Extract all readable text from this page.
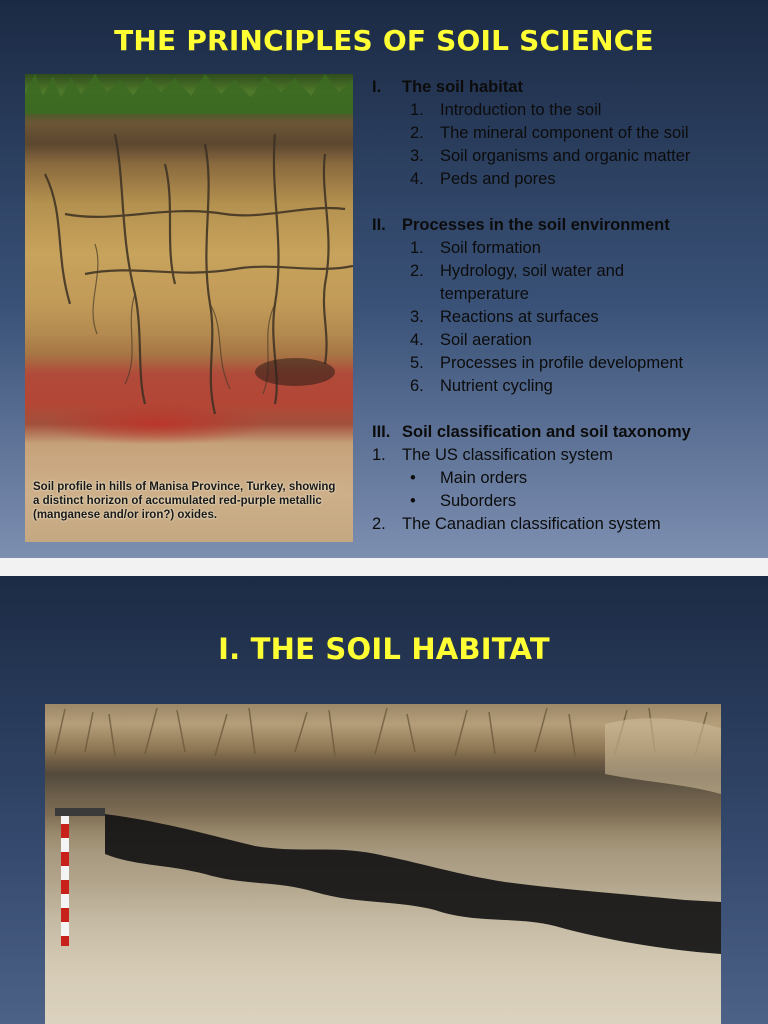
THE PRINCIPLES OF SOIL SCIENCE
Soil profile in hills of Manisa Province, Turkey, showing a distinct horizon of accumulated red-purple metallic (manganese and/or iron?) oxides.
I.	The soil habitat
1. Introduction to the soil
2. The mineral component of the soil
3. Soil organisms and organic matter
4. Peds and pores
II. Processes in the soil environment
1. Soil formation
2. Hydrology, soil water and temperature
3. Reactions at surfaces
4. Soil aeration
5. Processes in profile development
6. Nutrient cycling
III. Soil classification and soil taxonomy
1. The US classification system
•	Main orders
•	Suborders
2. The Canadian classification system
I. THE SOIL HABITAT
